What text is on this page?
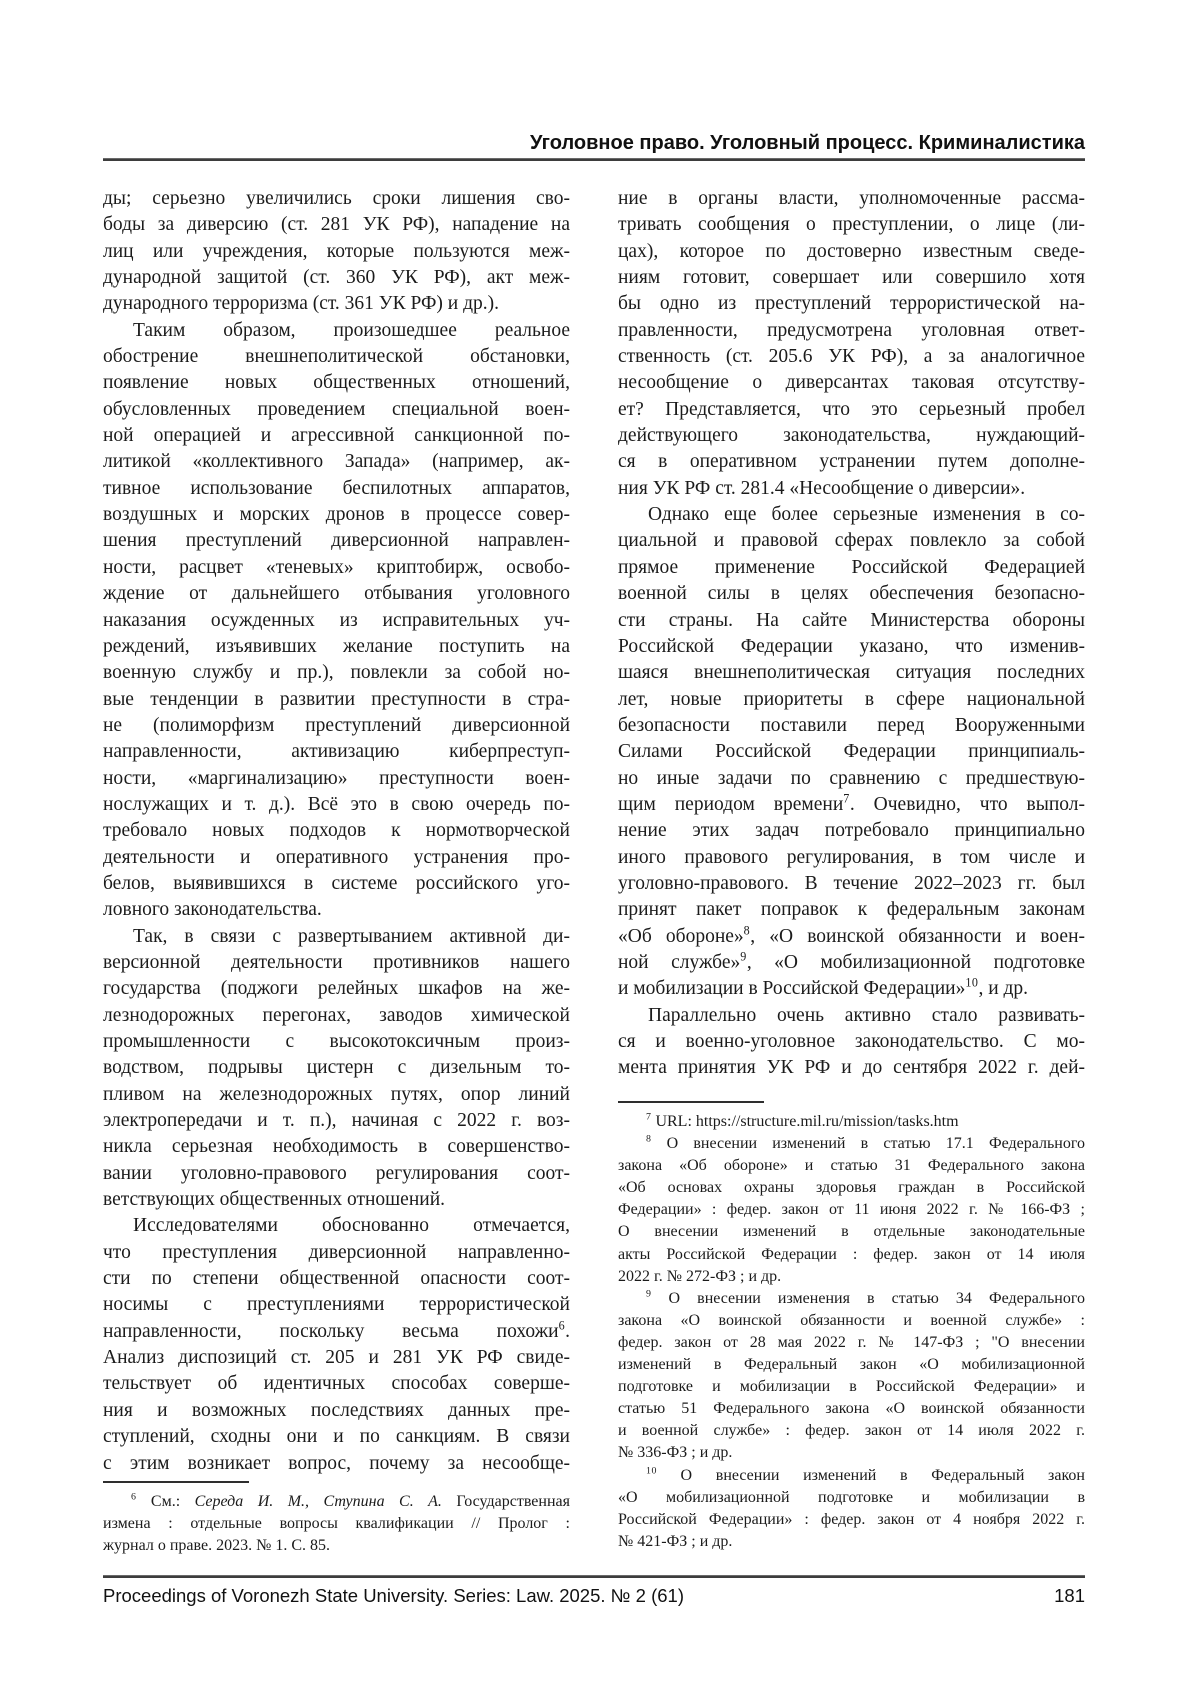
Уголовное право. Уголовный процесс. Криминалистика
ды; серьезно увеличились сроки лишения сво-
боды за диверсию (ст. 281 УК РФ), нападение на
лиц или учреждения, которые пользуются меж-
дународной защитой (ст. 360 УК РФ), акт меж-
дународного терроризма (ст. 361 УК РФ) и др.).
Таким образом, произошедшее реальное
обострение внешнеполитической обстановки,
появление новых общественных отношений,
обусловленных проведением специальной воен-
ной операцией и агрессивной санкционной по-
литикой «коллективного Запада» (например, ак-
тивное использование беспилотных аппаратов,
воздушных и морских дронов в процессе совер-
шения преступлений диверсионной направлен-
ности, расцвет «теневых» криптобирж, освобо-
ждение от дальнейшего отбывания уголовного
наказания осужденных из исправительных уч-
реждений, изъявивших желание поступить на
военную службу и пр.), повлекли за собой но-
вые тенденции в развитии преступности в стра-
не (полиморфизм преступлений диверсионной
направленности, активизацию киберпреступ-
ности, «маргинализацию» преступности воен-
нослужащих и т. д.). Всё это в свою очередь по-
требовало новых подходов к нормотворческой
деятельности и оперативного устранения про-
белов, выявившихся в системе российского уго-
ловного законодательства.
Так, в связи с развертыванием активной ди-
версионной деятельности противников нашего
государства (поджоги релейных шкафов на же-
лезнодорожных перегонах, заводов химической
промышленности с высокотоксичным произ-
водством, подрывы цистерн с дизельным то-
пливом на железнодорожных путях, опор линий
электропередачи и т. п.), начиная с 2022 г. воз-
никла серьезная необходимость в совершенство-
вании уголовно-правового регулирования соот-
ветствующих общественных отношений.
Исследователями обоснованно отмечается,
что преступления диверсионной направленно-
сти по степени общественной опасности соот-
носимы с преступлениями террористической
направленности, поскольку весьма похожи$^6$.
Анализ диспозиций ст. 205 и 281 УК РФ свиде-
тельствует об идентичных способах соверше-
ния и возможных последствиях данных пре-
ступлений, сходны они и по санкциям. В связи
с этим возникает вопрос, почему за несообще-
ние в органы власти, уполномоченные рассма-
тривать сообщения о преступлении, о лице (ли-
цах), которое по достоверно известным сведе-
ниям готовит, совершает или совершило хотя
бы одно из преступлений террористической на-
правленности, предусмотрена уголовная ответ-
ственность (ст. 205.6 УК РФ), а за аналогичное
несообщение о диверсантах таковая отсутству-
ет? Представляется, что это серьезный пробел
действующего законодательства, нуждающий-
ся в оперативном устранении путем дополне-
ния УК РФ ст. 281.4 «Несообщение о диверсии».
Однако еще более серьезные изменения в со-
циальной и правовой сферах повлекло за собой
прямое применение Российской Федерацией
военной силы в целях обеспечения безопасно-
сти страны. На сайте Министерства обороны
Российской Федерации указано, что изменив-
шаяся внешнеполитическая ситуация последних
лет, новые приоритеты в сфере национальной
безопасности поставили перед Вооруженными
Силами Российской Федерации принципиаль-
но иные задачи по сравнению с предшествую-
щим периодом времени$^7$. Очевидно, что выпол-
нение этих задач потребовало принципиально
иного правового регулирования, в том числе и
уголовно-правового. В течение 2022–2023 гг. был
принят пакет поправок к федеральным законам
«Об обороне»$^8$, «О воинской обязанности и воен-
ной службе»$^9$, «О мобилизационной подготовке
и мобилизации в Российской Федерации»$^{10}$, и др.
Параллельно очень активно стало развивать-
ся и военно-уголовное законодательство. С мо-
мента принятия УК РФ и до сентября 2022 г. дей-
$^6$ См.: Середа И. М., Ступина С. А. Государственная
измена : отдельные вопросы квалификации // Пролог :
журнал о праве. 2023. № 1. С. 85.
$^7$ URL: https://structure.mil.ru/mission/tasks.htm
$^8$ О внесении изменений в статью 17.1 Федерального
закона «Об обороне» и статью 31 Федерального закона
«Об основах охраны здоровья граждан в Российской
Федерации» : федер. закон от 11 июня 2022 г. № 166-ФЗ ;
О внесении изменений в отдельные законодательные
акты Российской Федерации : федер. закон от 14 июля
2022 г. № 272-ФЗ ; и др.
$^9$ О внесении изменения в статью 34 Федерального
закона «О воинской обязанности и военной службе» :
федер. закон от 28 мая 2022 г. № 147-ФЗ ; "О внесении
изменений в Федеральный закон «О мобилизационной
подготовке и мобилизации в Российской Федерации» и
статью 51 Федерального закона «О воинской обязанности
и военной службе» : федер. закон от 14 июля 2022 г.
№ 336-ФЗ ; и др.
$^{10}$ О внесении изменений в Федеральный закон
«О мобилизационной подготовке и мобилизации в
Российской Федерации» : федер. закон от 4 ноября 2022 г.
№ 421-ФЗ ; и др.
Proceedings of Voronezh State University. Series: Law. 2025. № 2 (61)	181
